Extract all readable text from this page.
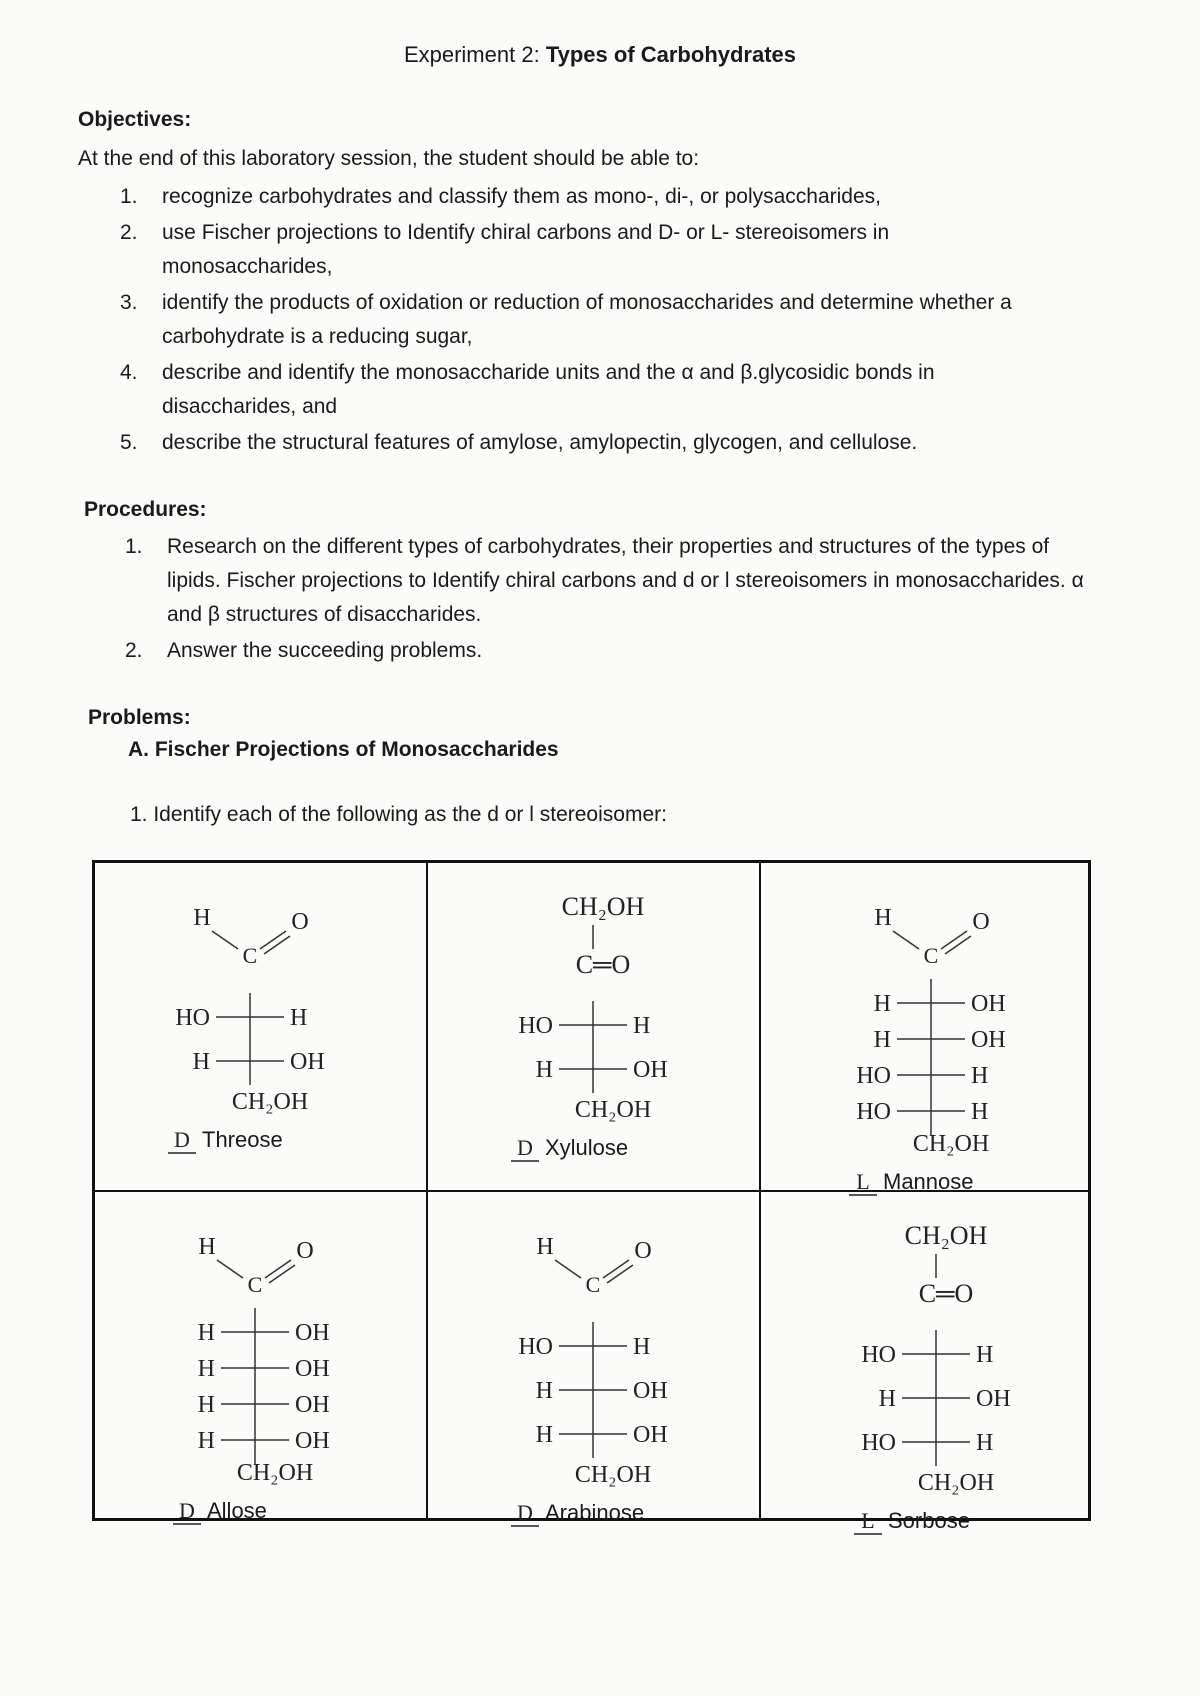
Experiment 2: Types of Carbohydrates
Objectives:
At the end of this laboratory session, the student should be able to:
1. recognize carbohydrates and classify them as mono-, di-, or polysaccharides,
2. use Fischer projections to Identify chiral carbons and D- or L- stereoisomers in monosaccharides,
3. identify the products of oxidation or reduction of monosaccharides and determine whether a carbohydrate is a reducing sugar,
4. describe and identify the monosaccharide units and the α and β.glycosidic bonds in disaccharides, and
5. describe the structural features of amylose, amylopectin, glycogen, and cellulose.
Procedures:
1. Research on the different types of carbohydrates, their properties and structures of the types of lipids. Fischer projections to Identify chiral carbons and d or l stereoisomers in monosaccharides. α and β structures of disaccharides.
2. Answer the succeeding problems.
Problems:
A. Fischer Projections of Monosaccharides
1. Identify each of the following as the d or l stereoisomer:
H
C
O
HO	H
H	OH
CH₂OH
D Threose
CH₂OH
C═O
HO	H
H	OH
CH₂OH
D Xylulose
H
C
O
H	OH
H	OH
HO	H
HO	H
CH₂OH
L Mannose
H
C
O
H	OH
H	OH
H	OH
H	OH
CH₂OH
D Allose
H
C
O
HO	H
H	OH
H	OH
CH₂OH
D Arabinose
CH₂OH
C═O
HO	H
H	OH
HO	H
CH₂OH
L Sorbose
